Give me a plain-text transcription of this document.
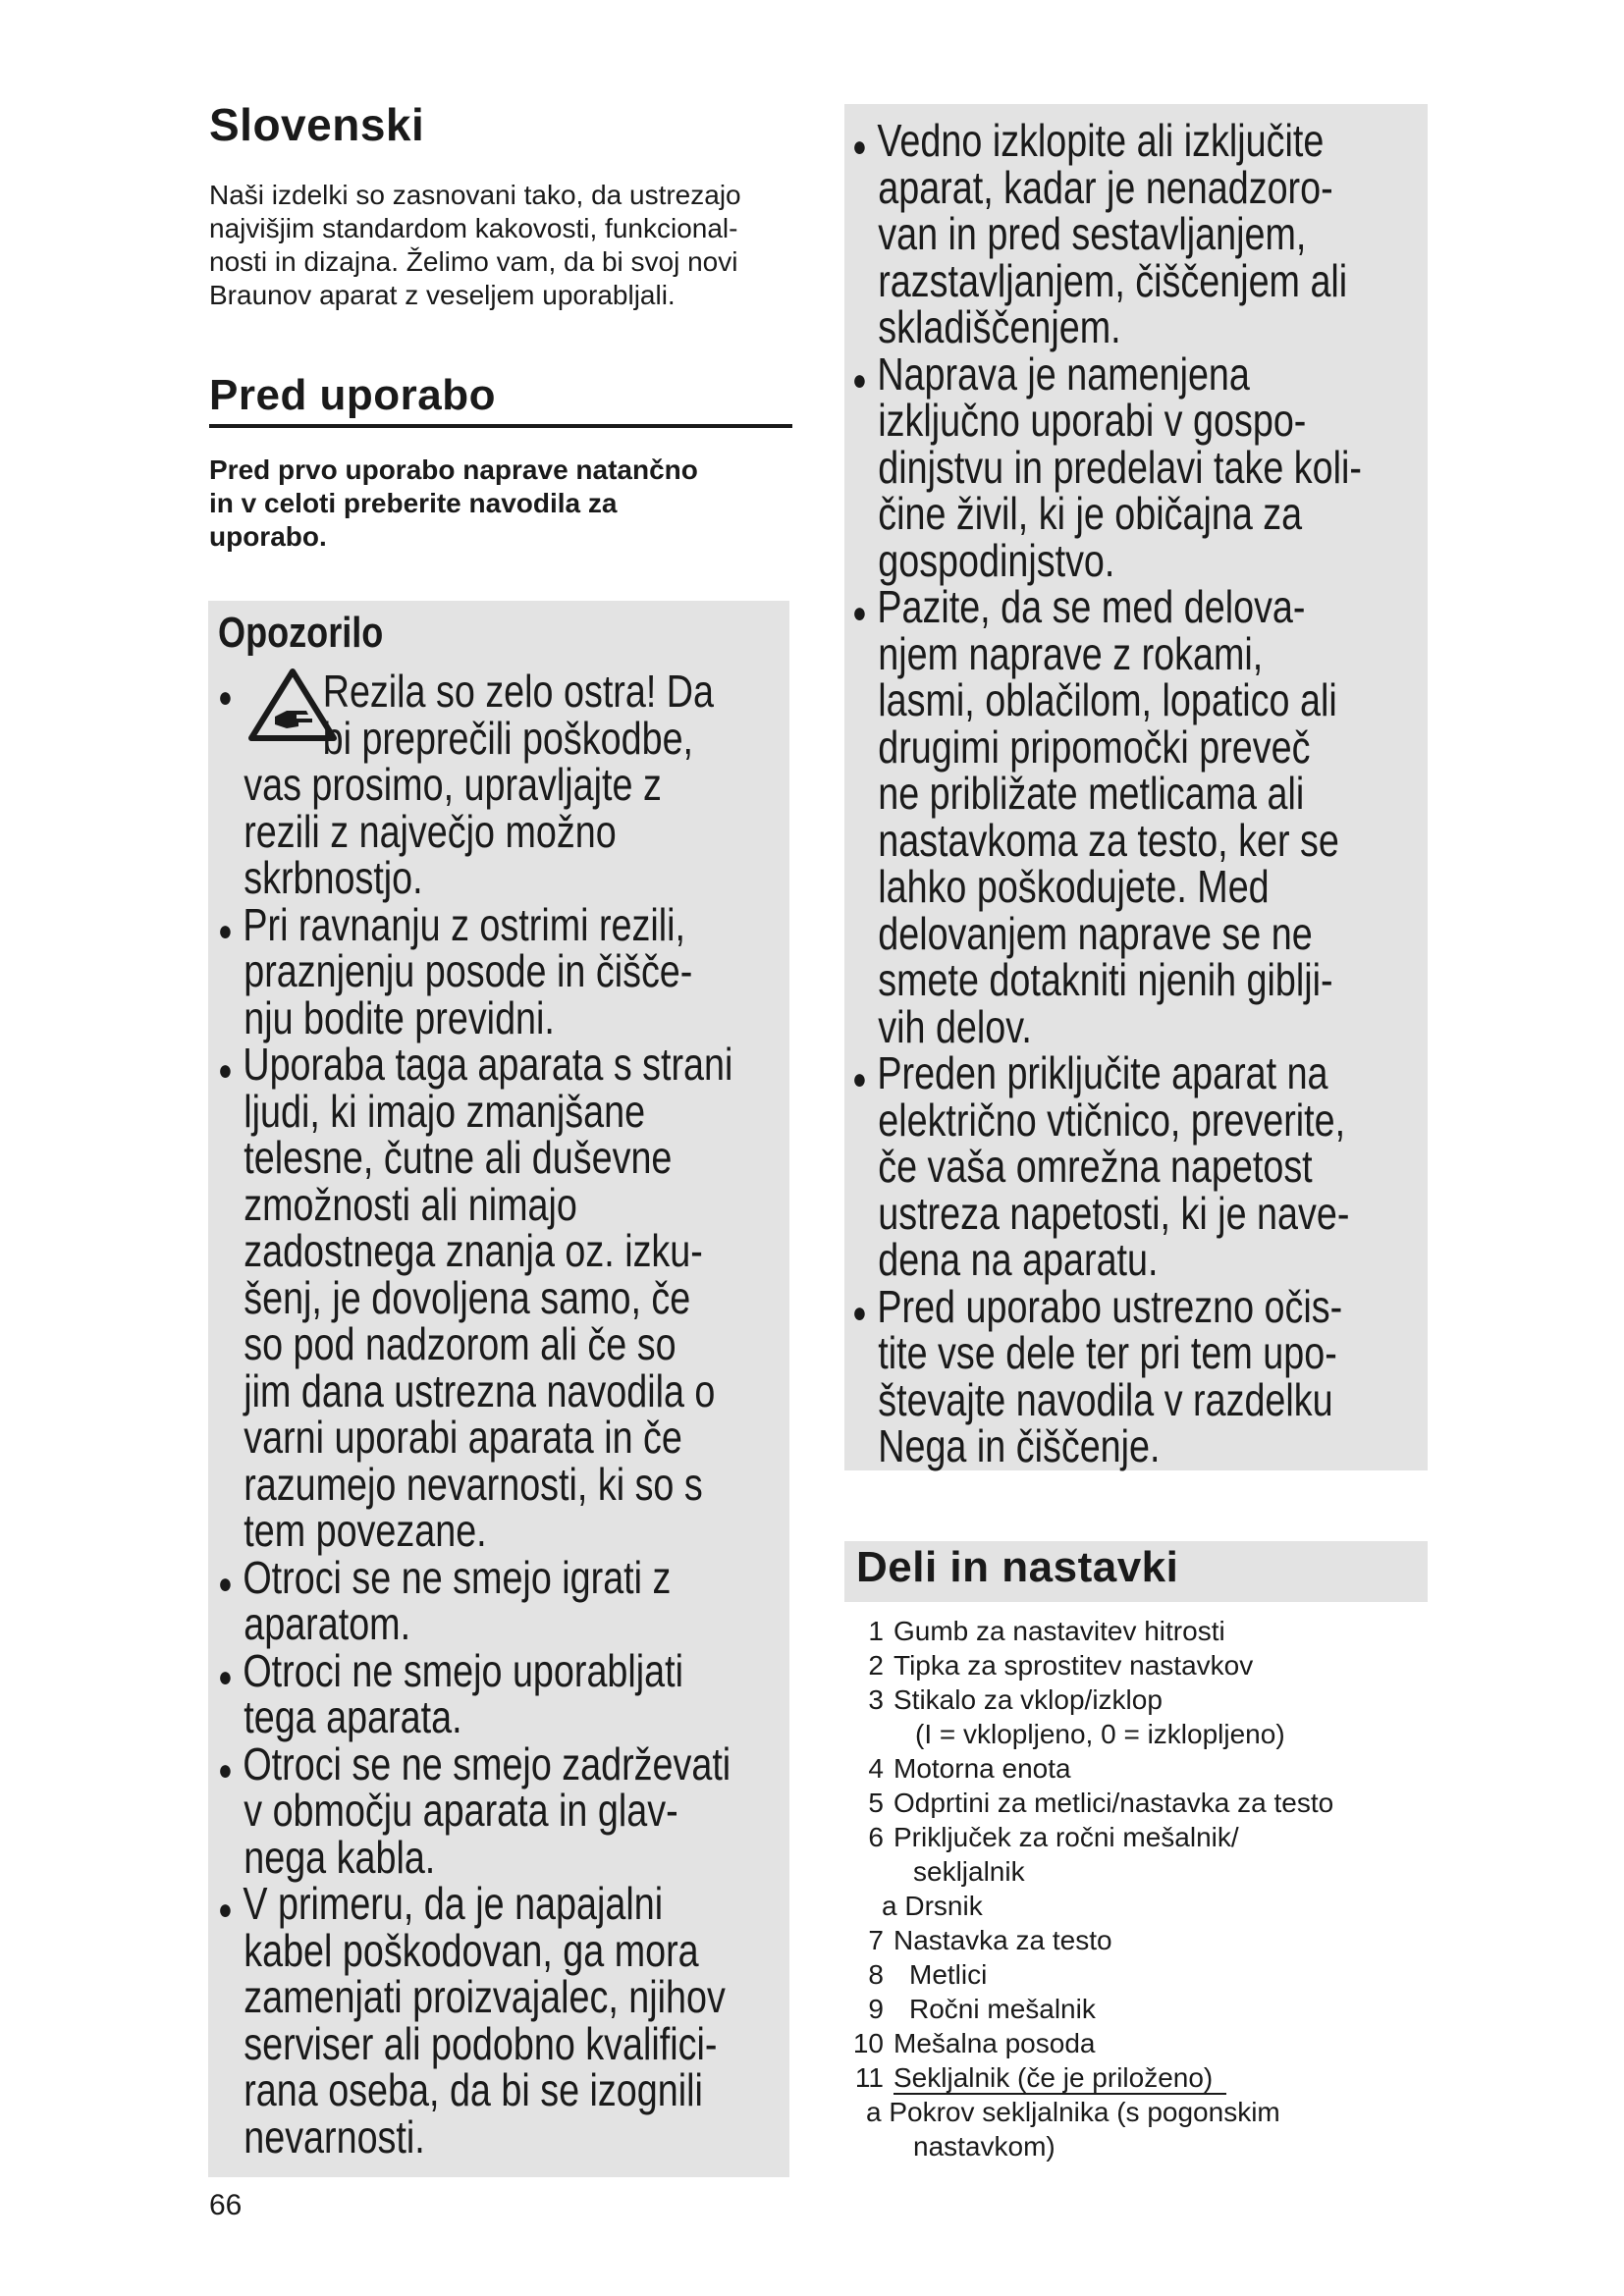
Slovenski
Naši izdelki so zasnovani tako, da ustrezajo
najvišjim standardom kakovosti, funkcional-
nosti in dizajna. Želimo vam, da bi svoj novi
Braunov aparat z veseljem uporabljali.
Pred uporabo
Pred prvo uporabo naprave natančno
in v celoti preberite navodila za
uporabo.
Opozorilo
● Rezila so zelo ostra! Da
bi preprečili poškodbe,
vas prosimo, upravljajte z
rezili z največjo možno
skrbnostjo.
● Pri ravnanju z ostrimi rezili,
praznjenju posode in čišče-
nju bodite previdni.
● Uporaba taga aparata s strani
ljudi, ki imajo zmanjšane
telesne, čutne ali duševne
zmožnosti ali nimajo
zadostnega znanja oz. izku-
šenj, je dovoljena samo, če
so pod nadzorom ali če so
jim dana ustrezna navodila o
varni uporabi aparata in če
razumejo nevarnosti, ki so s
tem povezane.
● Otroci se ne smejo igrati z
aparatom.
● Otroci ne smejo uporabljati
tega aparata.
● Otroci se ne smejo zadrževati
v območju aparata in glav-
nega kabla.
● V primeru, da je napajalni
kabel poškodovan, ga mora
zamenjati proizvajalec, njihov
serviser ali podobno kvalifici-
rana oseba, da bi se izognili
nevarnosti.
66
● Vedno izklopite ali izključite
aparat, kadar je nenadzoro-
van in pred sestavljanjem,
razstavljanjem, čiščenjem ali
skladiščenjem.
● Naprava je namenjena
izključno uporabi v gospo-
dinjstvu in predelavi take koli-
čine živil, ki je običajna za
gospodinjstvo.
● Pazite, da se med delova-
njem naprave z rokami,
lasmi, oblačilom, lopatico ali
drugimi pripomočki preveč
ne približate metlicama ali
nastavkoma za testo, ker se
lahko poškodujete. Med
delovanjem naprave se ne
smete dotakniti njenih giblji-
vih delov.
● Preden priključite aparat na
električno vtičnico, preverite,
če vaša omrežna napetost
ustreza napetosti, ki je nave-
dena na aparatu.
● Pred uporabo ustrezno očis-
tite vse dele ter pri tem upo-
števajte navodila v razdelku
Nega in čiščenje.
Deli in nastavki
1 Gumb za nastavitev hitrosti
2 Tipka za sprostitev nastavkov
3 Stikalo za vklop/izklop
(I = vklopljeno, 0 = izklopljeno)
4 Motorna enota
5 Odprtini za metlici/nastavka za testo
6 Priključek za ročni mešalnik/
sekljalnik
a Drsnik
7 Nastavka za testo
8 Metlici
9 Ročni mešalnik
10 Mešalna posoda
11 Sekljalnik (če je priloženo)
a Pokrov sekljalnika (s pogonskim
nastavkom)
